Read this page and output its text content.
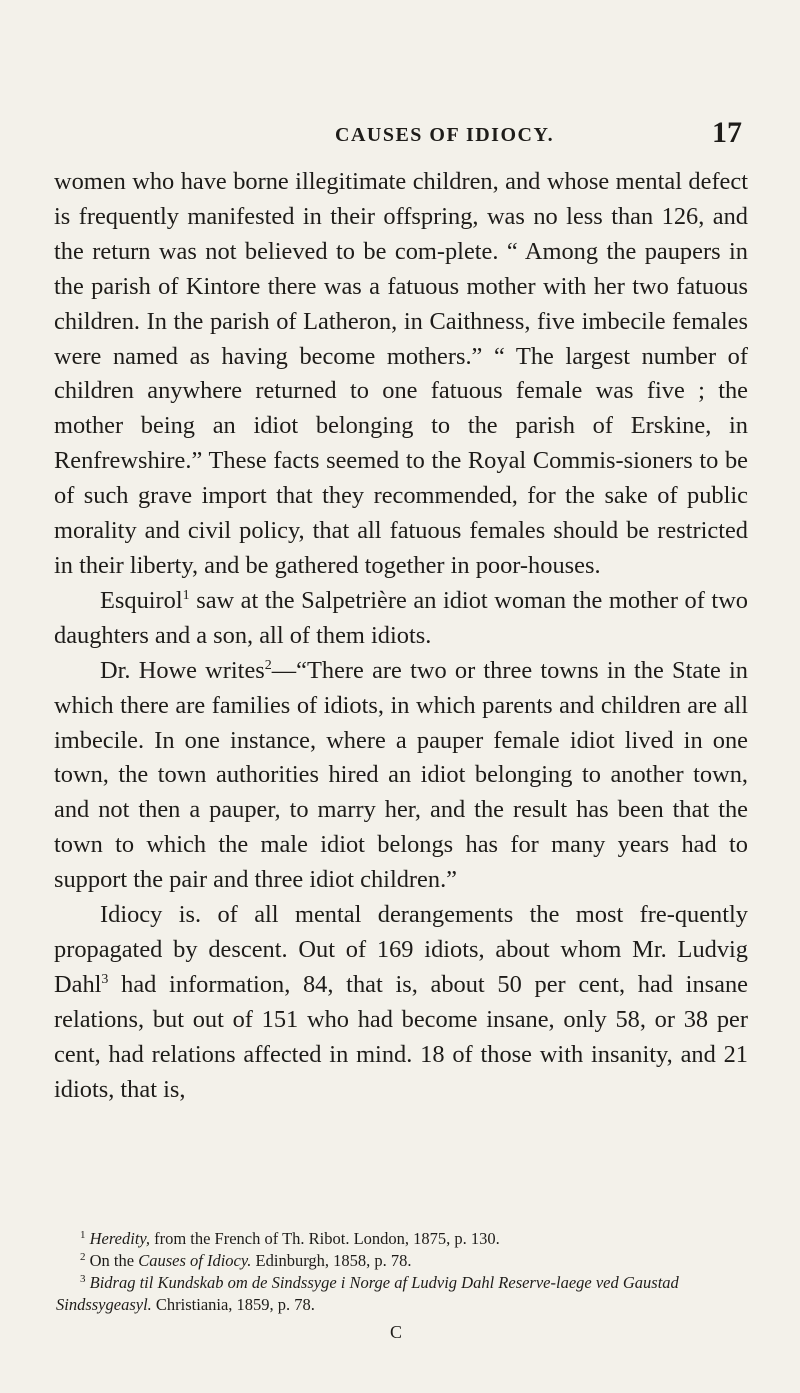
CAUSES OF IDIOCY.	17

women who have borne illegitimate children, and whose mental defect is frequently manifested in their offspring, was no less than 126, and the return was not believed to be com-plete. “ Among the paupers in the parish of Kintore there was a fatuous mother with her two fatuous children. In the parish of Latheron, in Caithness, five imbecile females were named as having become mothers.” “ The largest number of children anywhere returned to one fatuous female was five ; the mother being an idiot belonging to the parish of Erskine, in Renfrewshire.” These facts seemed to the Royal Commis-sioners to be of such grave import that they recommended, for the sake of public morality and civil policy, that all fatuous females should be restricted in their liberty, and be gathered together in poor-houses.

Esquirol$^1$ saw at the Salpetrière an idiot woman the mother of two daughters and a son, all of them idiots.

Dr. Howe writes$^2$—“There are two or three towns in the State in which there are families of idiots, in which parents and children are all imbecile. In one instance, where a pauper female idiot lived in one town, the town authorities hired an idiot belonging to another town, and not then a pauper, to marry her, and the result has been that the town to which the male idiot belongs has for many years had to support the pair and three idiot children.”

Idiocy is. of all mental derangements the most fre-quently propagated by descent. Out of 169 idiots, about whom Mr. Ludvig Dahl$^3$ had information, 84, that is, about 50 per cent, had insane relations, but out of 151 who had become insane, only 58, or 38 per cent, had relations affected in mind. 18 of those with insanity, and 21 idiots, that is,

$^1$ Heredity, from the French of Th. Ribot. London, 1875, p. 130.

$^2$ On the Causes of Idiocy. Edinburgh, 1858, p. 78.

$^3$ Bidrag til Kundskab om de Sindssyge i Norge af Ludvig Dahl Reserve-laege ved Gaustad Sindssygeasyl. Christiania, 1859, p. 78.

C
